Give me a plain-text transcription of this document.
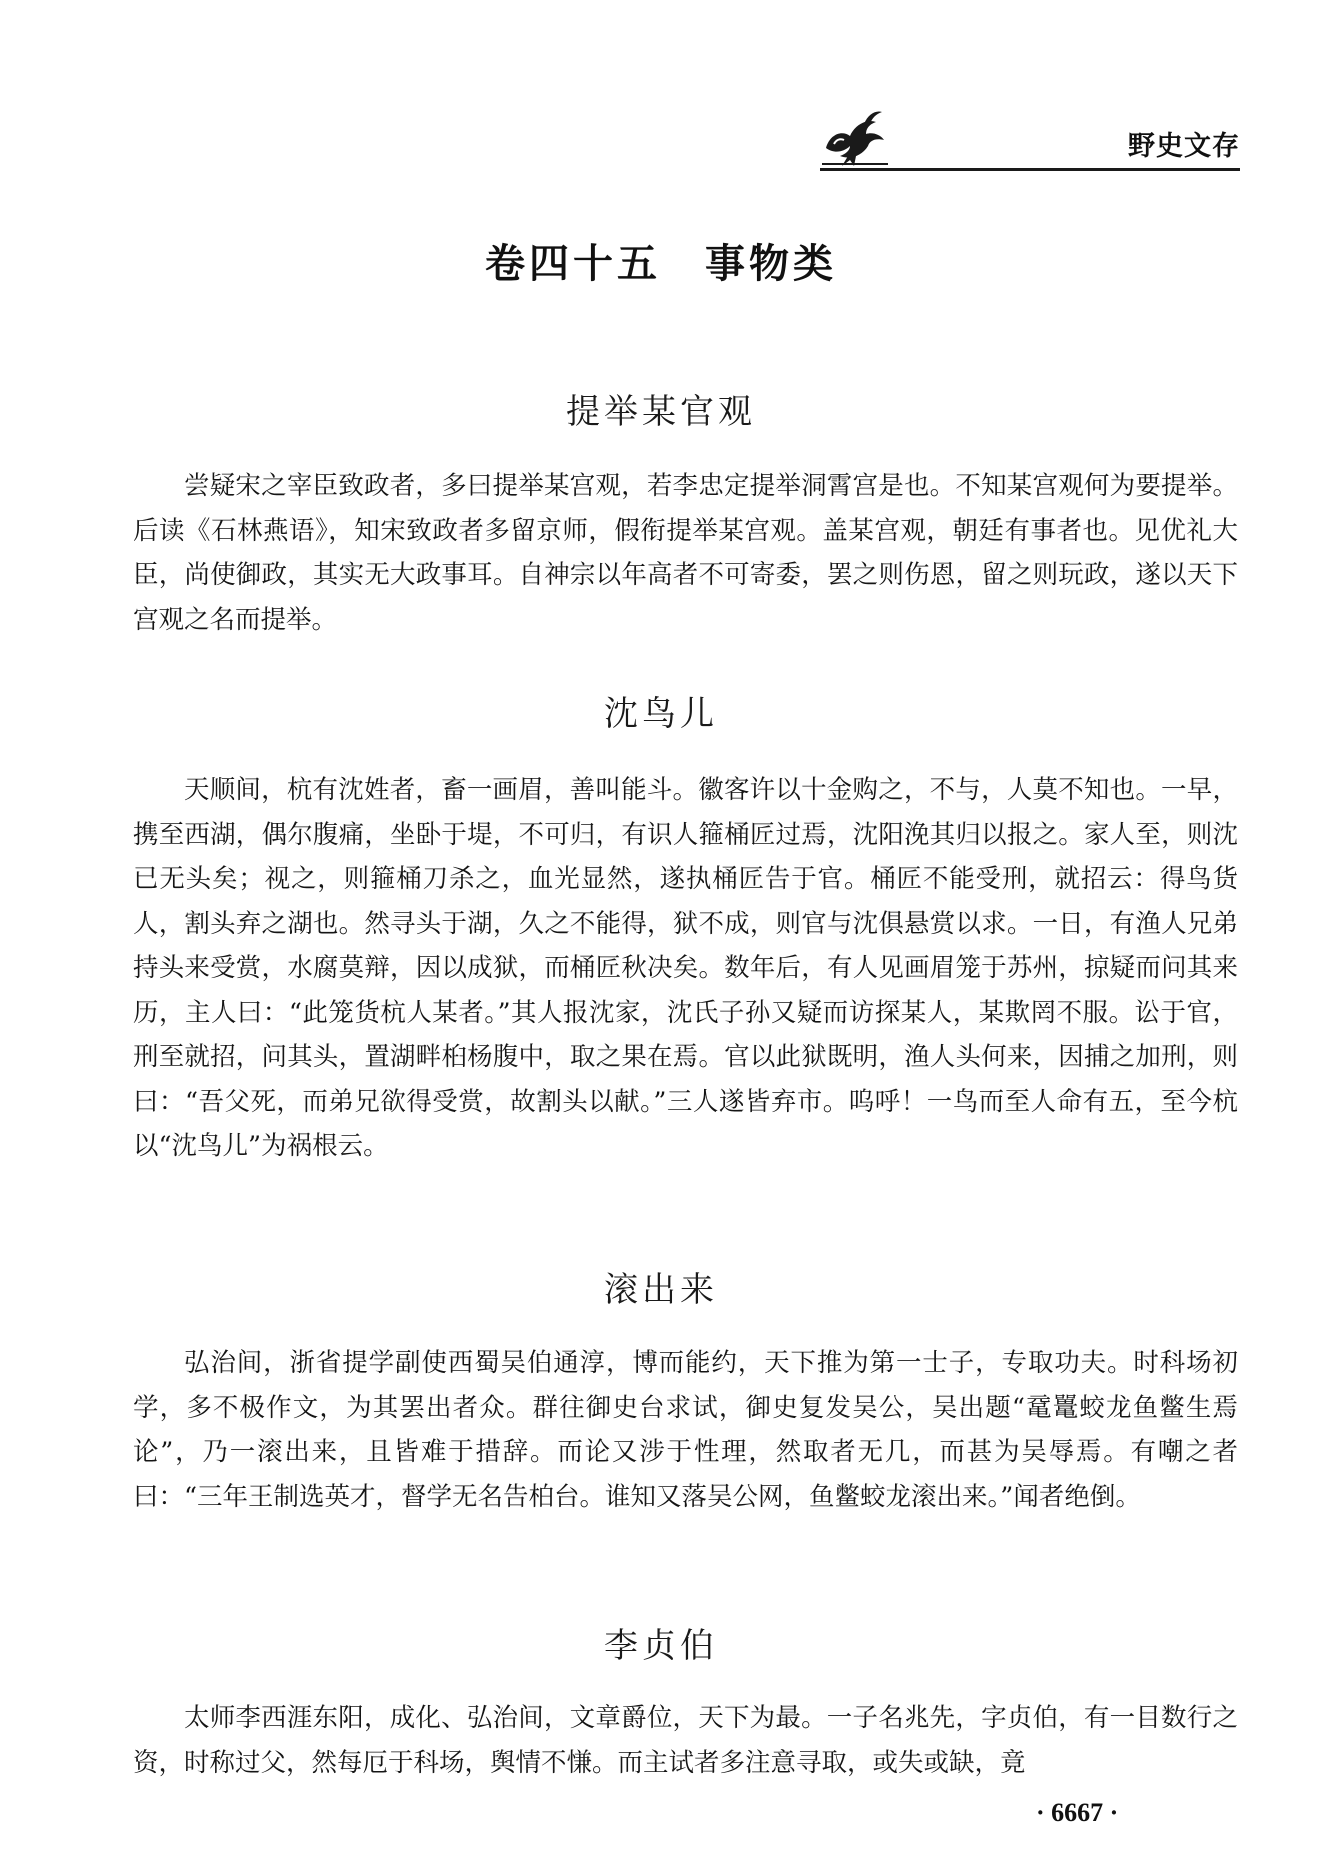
野史文存
卷四十五　事物类
提举某官观

尝疑宋之宰臣致政者，多曰提举某宫观，若李忠定提举洞霄宫是也。不知某宫观何为要提举。后读《石林燕语》，知宋致政者多留京师，假衔提举某宫观。盖某宫观，朝廷有事者也。见优礼大臣，尚使御政，其实无大政事耳。自神宗以年高者不可寄委，罢之则伤恩，留之则玩政，遂以天下宫观之名而提举。

沈鸟儿

天顺间，杭有沈姓者，畜一画眉，善叫能斗。徽客许以十金购之，不与，人莫不知也。一早，携至西湖，偶尔腹痛，坐卧于堤，不可归，有识人箍桶匠过焉，沈阳浼其归以报之。家人至，则沈已无头矣；视之，则箍桶刀杀之，血光显然，遂执桶匠告于官。桶匠不能受刑，就招云：得鸟货人，割头弃之湖也。然寻头于湖，久之不能得，狱不成，则官与沈俱悬赏以求。一日，有渔人兄弟持头来受赏，水腐莫辩，因以成狱，而桶匠秋决矣。数年后，有人见画眉笼于苏州，掠疑而问其来历，主人曰：“此笼货杭人某者。”其人报沈家，沈氏子孙又疑而访探某人，某欺罔不服。讼于官，刑至就招，问其头，置湖畔桕杨腹中，取之果在焉。官以此狱既明，渔人头何来，因捕之加刑，则曰：“吾父死，而弟兄欲得受赏，故割头以献。”三人遂皆弃市。呜呼！一鸟而至人命有五，至今杭以“沈鸟儿”为祸根云。

滚出来

弘治间，浙省提学副使西蜀吴伯通淳，博而能约，天下推为第一士子，专取功夫。时科场初学，多不极作文，为其罢出者众。群往御史台求试，御史复发吴公，吴出题“鼋鼍蛟龙鱼鳖生焉论”，乃一滚出来，且皆难于措辞。而论又涉于性理，然取者无几，而甚为吴辱焉。有嘲之者曰：“三年王制选英才，督学无名告柏台。谁知又落吴公网，鱼鳖蛟龙滚出来。”闻者绝倒。

李贞伯

太师李西涯东阳，成化、弘治间，文章爵位，天下为最。一子名兆先，字贞伯，有一目数行之资，时称过父，然每厄于科场，舆情不慊。而主试者多注意寻取，或失或缺，竟

· 6667 ·
